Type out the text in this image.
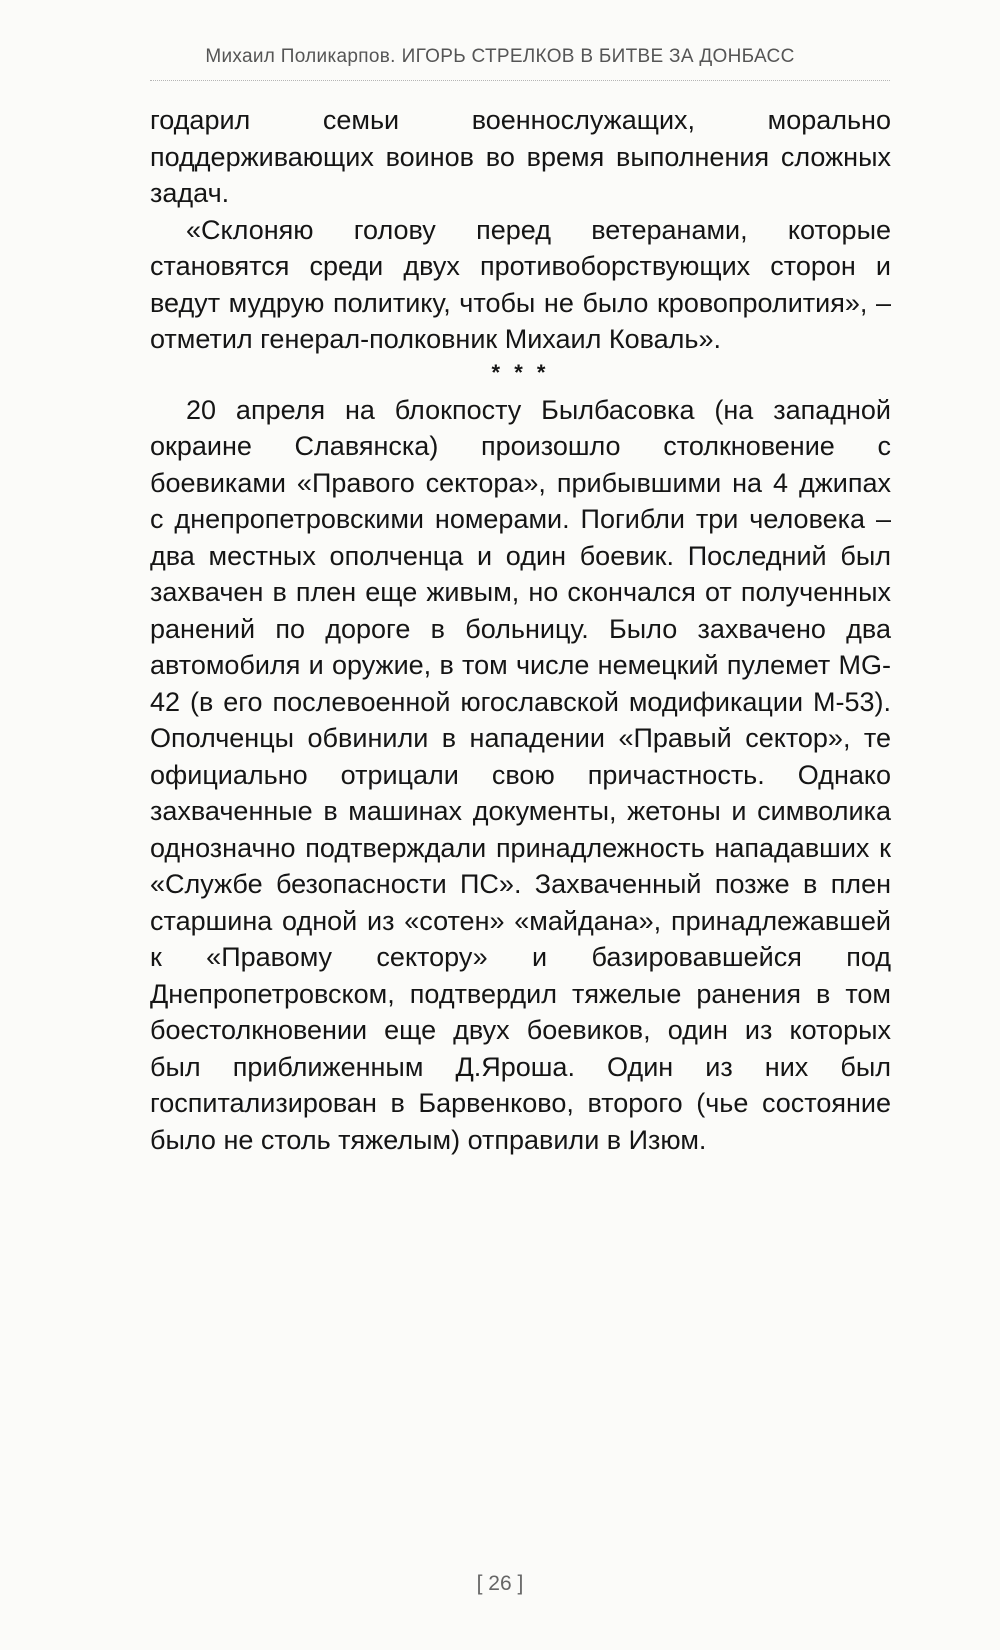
Михаил Поликарпов. ИГОРЬ СТРЕЛКОВ В БИТВЕ ЗА ДОНБАСС

годарил семьи военнослужащих, морально поддерживающих воинов во время выполнения сложных задач.

«Склоняю голову перед ветеранами, которые становятся среди двух противоборствующих сторон и ведут мудрую политику, чтобы не было кровопролития», – отметил генерал-полковник Михаил Коваль».

* * *

20 апреля на блокпосту Былбасовка (на западной окраине Славянска) произошло столкновение с боевиками «Правого сектора», прибывшими на 4 джипах с днепропетровскими номерами. Погибли три человека – два местных ополченца и один боевик. Последний был захвачен в плен еще живым, но скончался от полученных ранений по дороге в больницу. Было захвачено два автомобиля и оружие, в том числе немецкий пулемет MG-42 (в его послевоенной югославской модификации М-53). Ополченцы обвинили в нападении «Правый сектор», те официально отрицали свою причастность. Однако захваченные в машинах документы, жетоны и символика однозначно подтверждали принадлежность нападавших к «Службе безопасности ПС». Захваченный позже в плен старшина одной из «сотен» «майдана», принадлежавшей к «Правому сектору» и базировавшейся под Днепропетровском, подтвердил тяжелые ранения в том боестолкновении еще двух боевиков, один из которых был приближенным Д.Яроша. Один из них был госпитализирован в Барвенково, второго (чье состояние было не столь тяжелым) отправили в Изюм.

[ 26 ]
